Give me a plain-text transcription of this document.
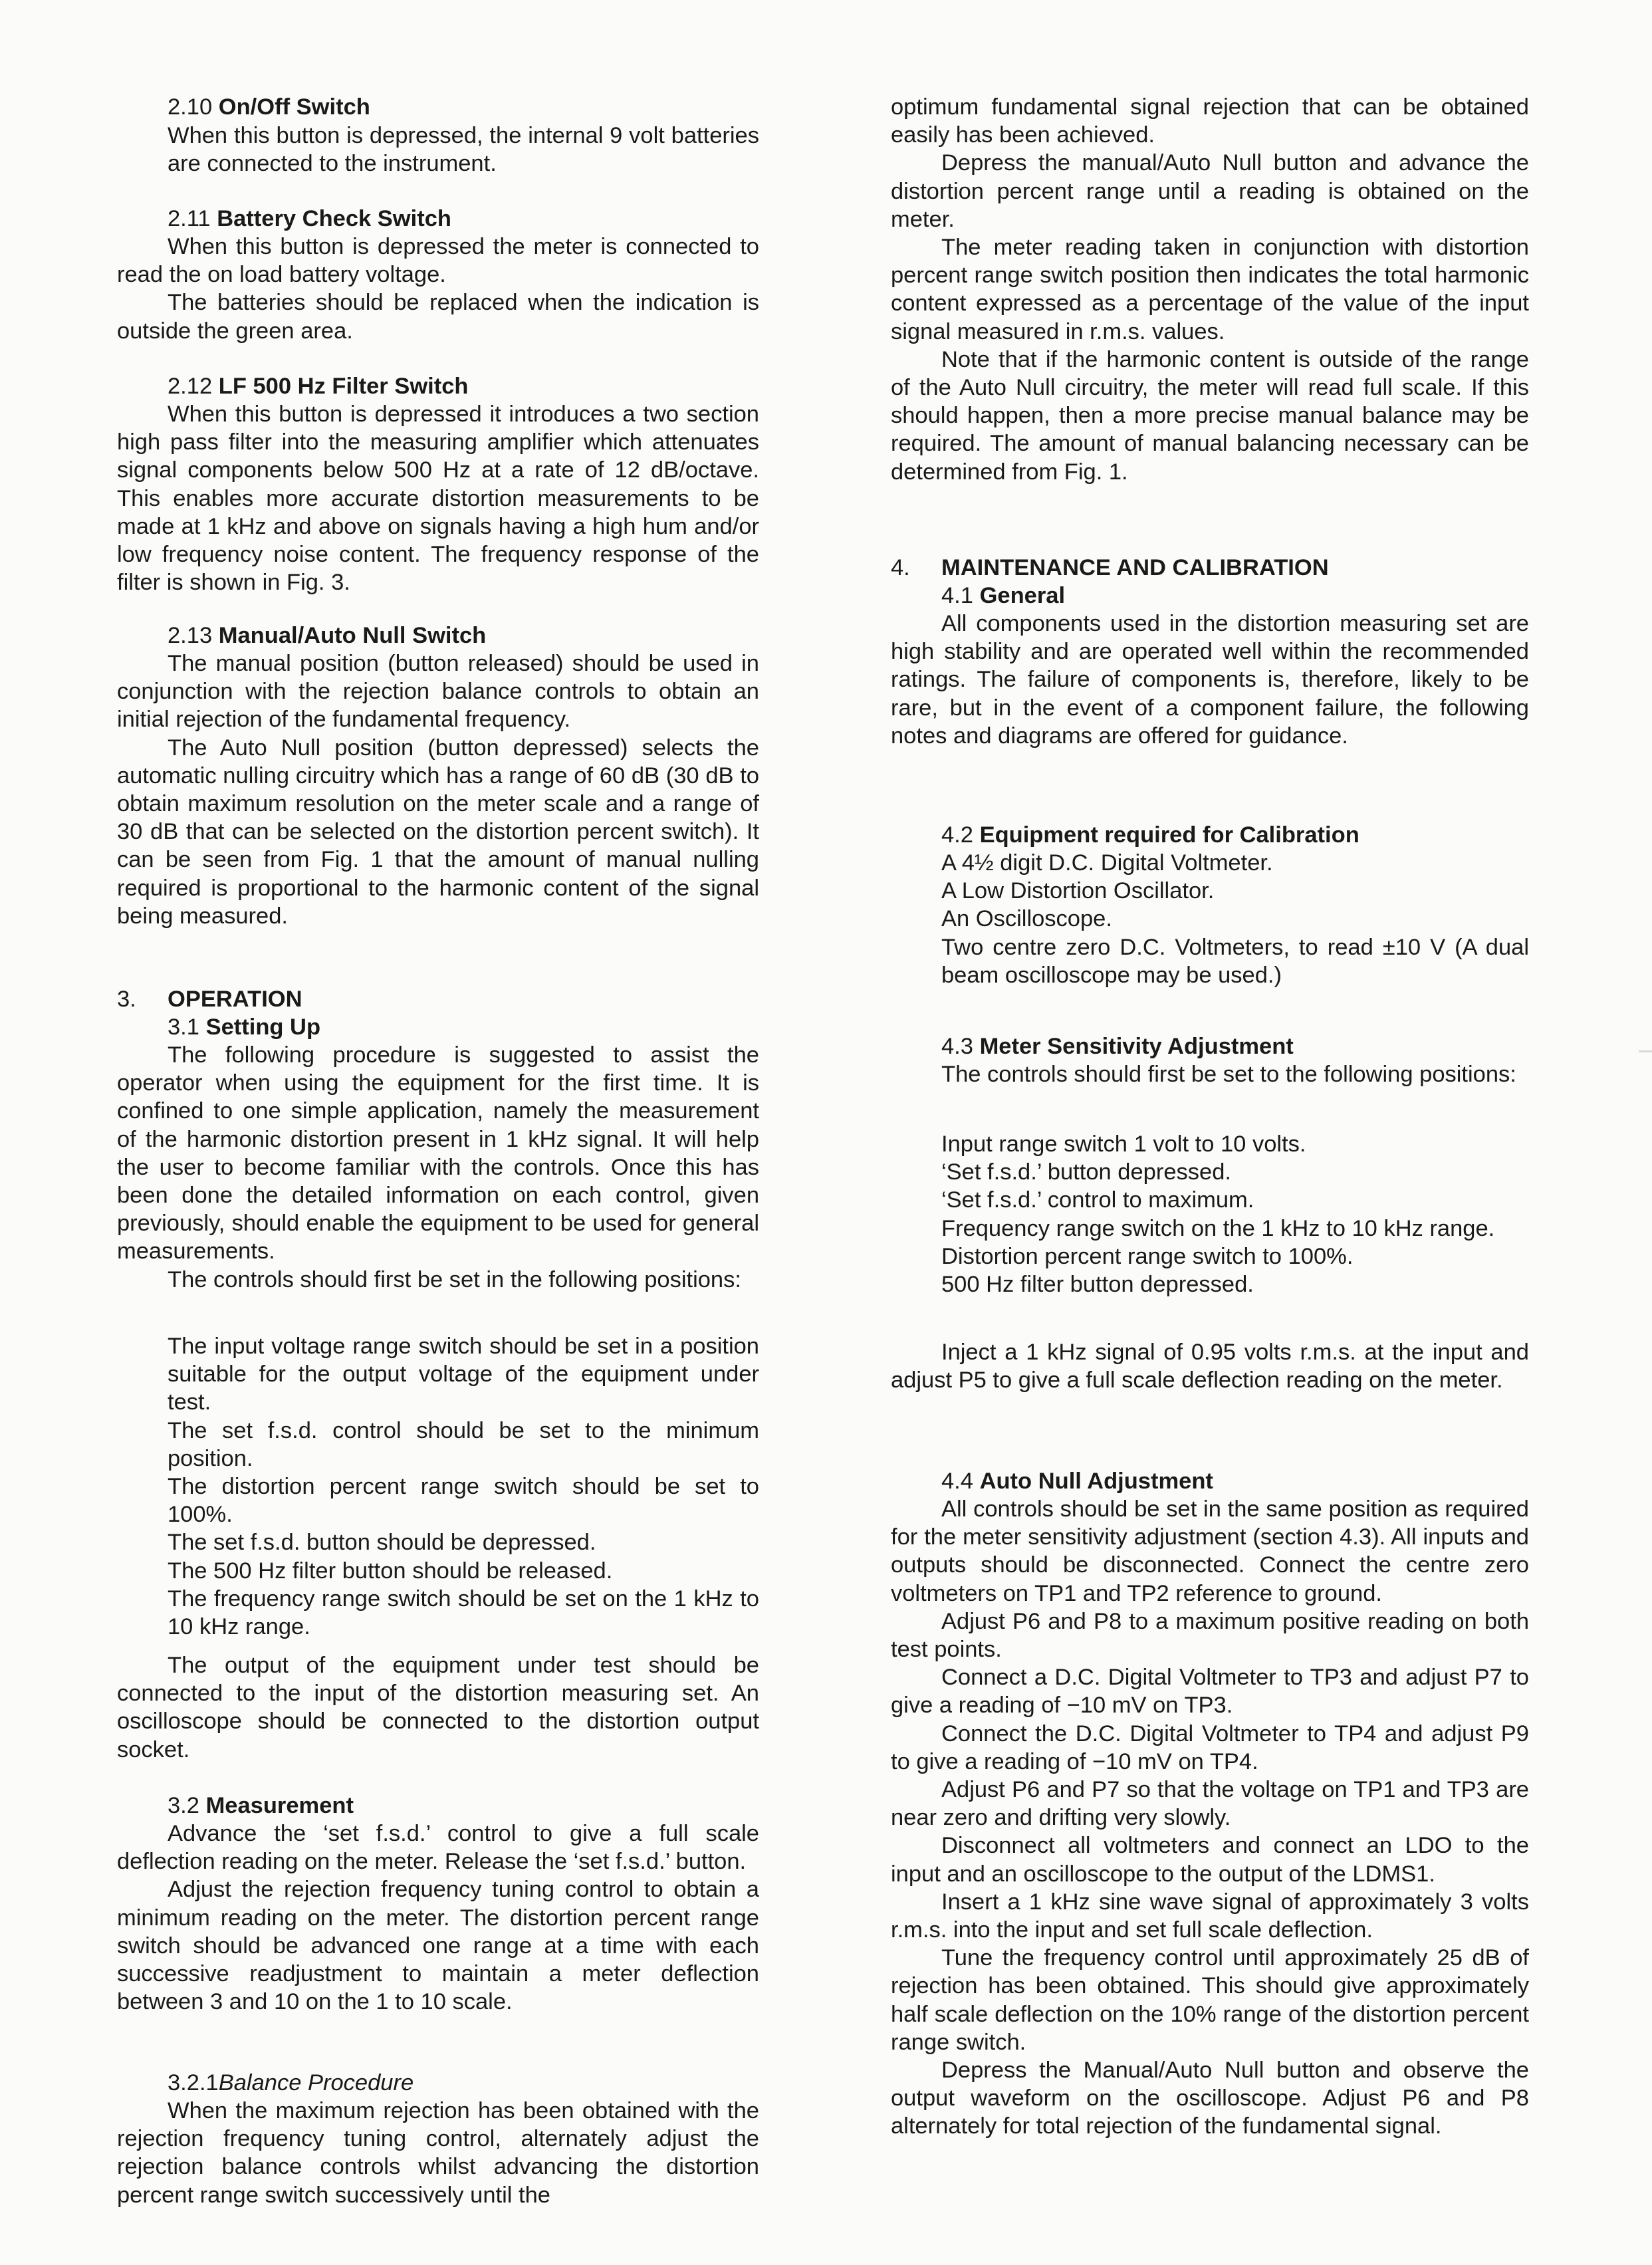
2.10 On/Off Switch

When this button is depressed, the internal 9 volt batteries are connected to the instrument.

2.11 Battery Check Switch

When this button is depressed the meter is connected to read the on load battery voltage.

The batteries should be replaced when the indication is outside the green area.

2.12 LF 500 Hz Filter Switch

When this button is depressed it introduces a two section high pass filter into the measuring amplifier which attenuates signal components below 500 Hz at a rate of 12 dB/octave. This enables more accurate distortion measurements to be made at 1 kHz and above on signals having a high hum and/or low frequency noise content. The frequency response of the filter is shown in Fig. 3.

2.13 Manual/Auto Null Switch

The manual position (button released) should be used in conjunction with the rejection balance controls to obtain an initial rejection of the fundamental frequency.

The Auto Null position (button depressed) selects the automatic nulling circuitry which has a range of 60 dB (30 dB to obtain maximum resolution on the meter scale and a range of 30 dB that can be selected on the distortion percent switch). It can be seen from Fig. 1 that the amount of manual nulling required is proportional to the harmonic content of the signal being measured.

3. OPERATION
3.1 Setting Up

The following procedure is suggested to assist the operator when using the equipment for the first time. It is confined to one simple application, namely the measurement of the harmonic distortion present in 1 kHz signal. It will help the user to become familiar with the controls. Once this has been done the detailed information on each control, given previously, should enable the equipment to be used for general measurements.

The controls should first be set in the following positions:

The input voltage range switch should be set in a position suitable for the output voltage of the equipment under test.
The set f.s.d. control should be set to the minimum position.
The distortion percent range switch should be set to 100%.
The set f.s.d. button should be depressed.
The 500 Hz filter button should be released.
The frequency range switch should be set on the 1 kHz to 10 kHz range.

The output of the equipment under test should be connected to the input of the distortion measuring set. An oscilloscope should be connected to the distortion output socket.

3.2 Measurement

Advance the ‘set f.s.d.’ control to give a full scale deflection reading on the meter. Release the ‘set f.s.d.’ button.

Adjust the rejection frequency tuning control to obtain a minimum reading on the meter. The distortion percent range switch should be advanced one range at a time with each successive readjustment to maintain a meter deflection between 3 and 10 on the 1 to 10 scale.

3.2.1Balance Procedure

When the maximum rejection has been obtained with the rejection frequency tuning control, alternately adjust the rejection balance controls whilst advancing the distortion percent range switch successively until the

optimum fundamental signal rejection that can be obtained easily has been achieved.

Depress the manual/Auto Null button and advance the distortion percent range until a reading is obtained on the meter.

The meter reading taken in conjunction with distortion percent range switch position then indicates the total harmonic content expressed as a percentage of the value of the input signal measured in r.m.s. values.

Note that if the harmonic content is outside of the range of the Auto Null circuitry, the meter will read full scale. If this should happen, then a more precise manual balance may be required. The amount of manual balancing necessary can be determined from Fig. 1.

4. MAINTENANCE AND CALIBRATION
4.1 General

All components used in the distortion measuring set are high stability and are operated well within the recommended ratings. The failure of components is, therefore, likely to be rare, but in the event of a component failure, the following notes and diagrams are offered for guidance.

4.2 Equipment required for Calibration
A 4½ digit D.C. Digital Voltmeter.
A Low Distortion Oscillator.
An Oscilloscope.
Two centre zero D.C. Voltmeters, to read ±10 V (A dual beam oscilloscope may be used.)
4.3 Meter Sensitivity Adjustment

The controls should first be set to the following positions:

Input range switch 1 volt to 10 volts.
‘Set f.s.d.’ button depressed.
‘Set f.s.d.’ control to maximum.
Frequency range switch on the 1 kHz to 10 kHz range.
Distortion percent range switch to 100%.
500 Hz filter button depressed.

Inject a 1 kHz signal of 0.95 volts r.m.s. at the input and adjust P5 to give a full scale deflection reading on the meter.

4.4 Auto Null Adjustment

All controls should be set in the same position as required for the meter sensitivity adjustment (section 4.3). All inputs and outputs should be disconnected. Connect the centre zero voltmeters on TP1 and TP2 reference to ground.

Adjust P6 and P8 to a maximum positive reading on both test points.

Connect a D.C. Digital Voltmeter to TP3 and adjust P7 to give a reading of −10 mV on TP3.

Connect the D.C. Digital Voltmeter to TP4 and adjust P9 to give a reading of −10 mV on TP4.

Adjust P6 and P7 so that the voltage on TP1 and TP3 are near zero and drifting very slowly.

Disconnect all voltmeters and connect an LDO to the input and an oscilloscope to the output of the LDMS1.

Insert a 1 kHz sine wave signal of approximately 3 volts r.m.s. into the input and set full scale deflection.

Tune the frequency control until approximately 25 dB of rejection has been obtained. This should give approximately half scale deflection on the 10% range of the distortion percent range switch.

Depress the Manual/Auto Null button and observe the output waveform on the oscilloscope. Adjust P6 and P8 alternately for total rejection of the fundamental signal.
